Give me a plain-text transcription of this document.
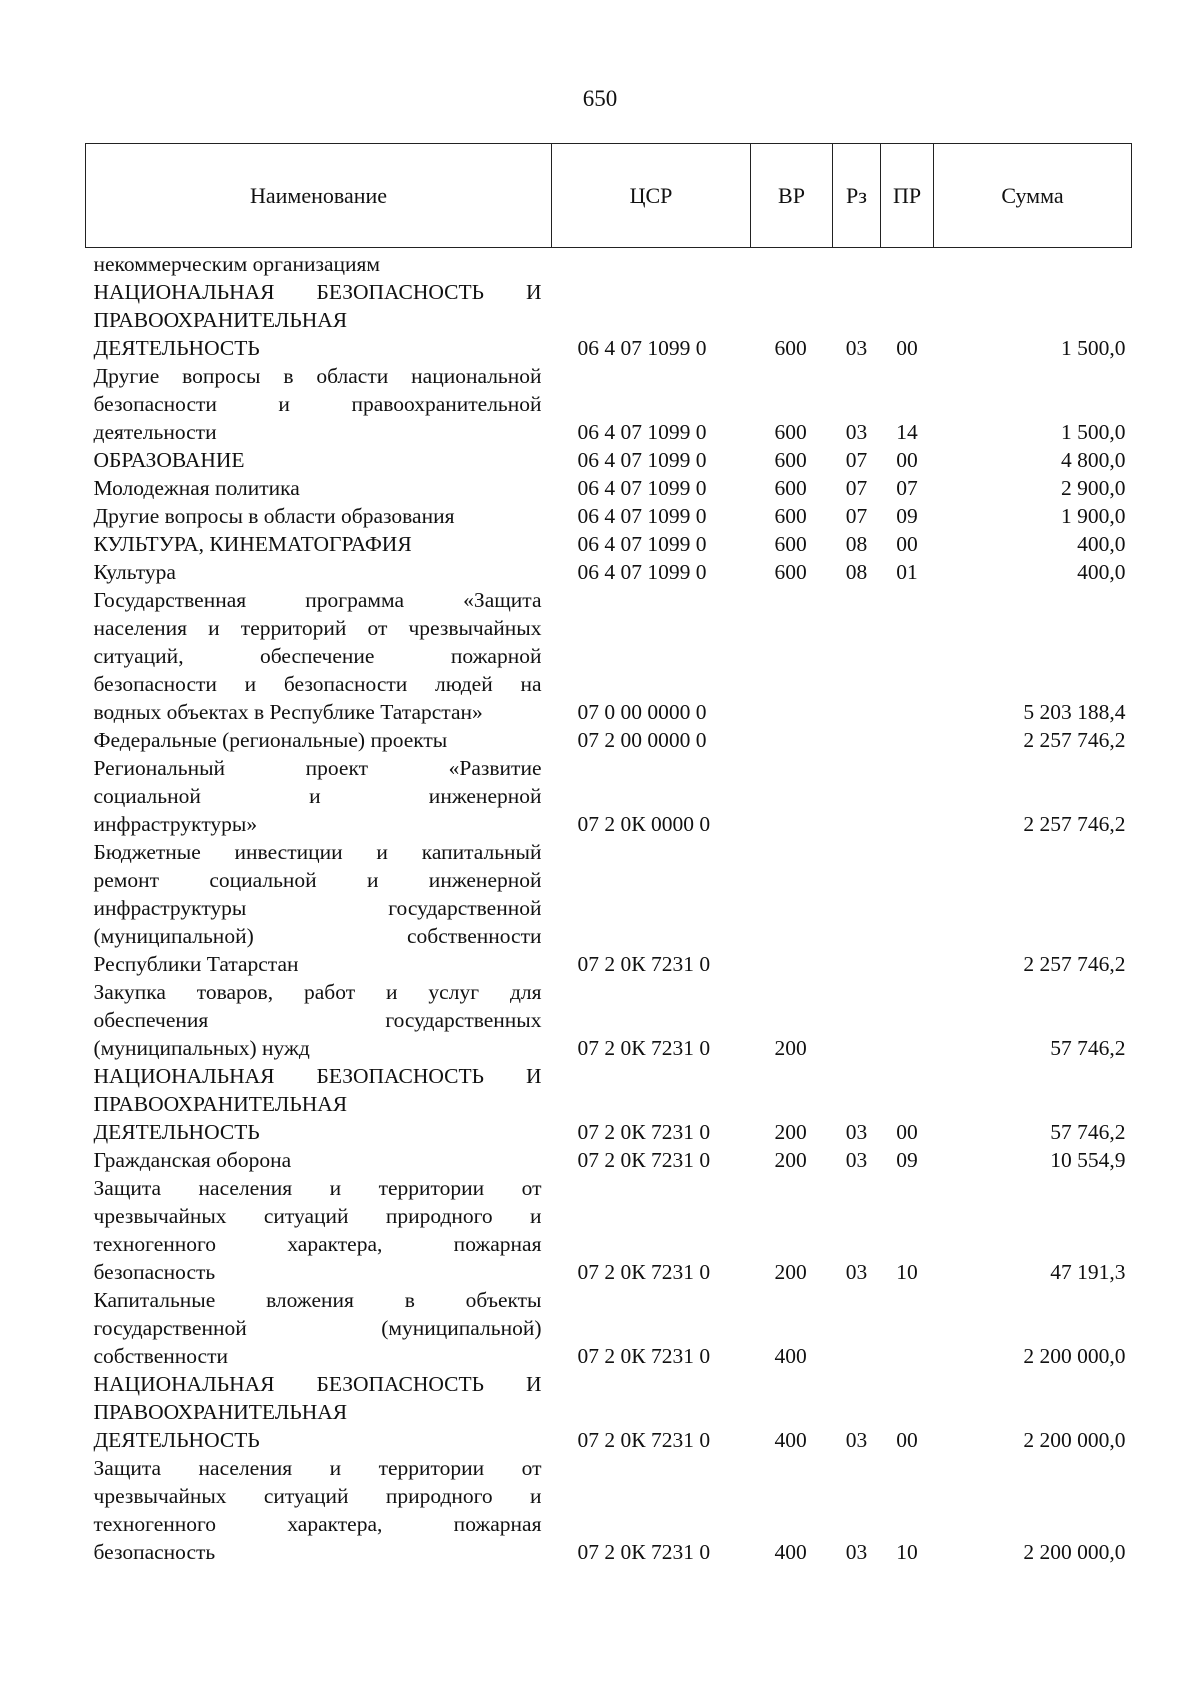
650
Наименование	ЦСР	ВР	Рз	ПР	Сумма

некоммерческим организациям					

НАЦИОНАЛЬНАЯ БЕЗОПАСНОСТЬ И
ПРАВООХРАНИТЕЛЬНАЯ
ДЕЯТЕЛЬНОСТЬ	06 4 07 1099 0	600	03	00	1 500,0

Другие вопросы в области национальной
безопасности и правоохранительной
деятельности	06 4 07 1099 0	600	03	14	1 500,0

ОБРАЗОВАНИЕ	06 4 07 1099 0	600	07	00	4 800,0

Молодежная политика	06 4 07 1099 0	600	07	07	2 900,0

Другие вопросы в области образования	06 4 07 1099 0	600	07	09	1 900,0

КУЛЬТУРА, КИНЕМАТОГРАФИЯ	06 4 07 1099 0	600	08	00	400,0

Культура	06 4 07 1099 0	600	08	01	400,0

Государственная программа «Защита
населения и территорий от чрезвычайных
ситуаций, обеспечение пожарной
безопасности и безопасности людей на
водных объектах в Республике Татарстан»	07 0 00 0000 0				5 203 188,4

Федеральные (региональные) проекты	07 2 00 0000 0				2 257 746,2

Региональный проект «Развитие
социальной и инженерной
инфраструктуры»	07 2 0К 0000 0				2 257 746,2

Бюджетные инвестиции и капитальный
ремонт социальной и инженерной
инфраструктуры государственной
(муниципальной) собственности
Республики Татарстан	07 2 0К 7231 0				2 257 746,2

Закупка товаров, работ и услуг для
обеспечения государственных
(муниципальных) нужд	07 2 0К 7231 0	200			57 746,2

НАЦИОНАЛЬНАЯ БЕЗОПАСНОСТЬ И
ПРАВООХРАНИТЕЛЬНАЯ
ДЕЯТЕЛЬНОСТЬ	07 2 0К 7231 0	200	03	00	57 746,2

Гражданская оборона	07 2 0К 7231 0	200	03	09	10 554,9

Защита населения и территории от
чрезвычайных ситуаций природного и
техногенного характера, пожарная
безопасность	07 2 0К 7231 0	200	03	10	47 191,3

Капитальные вложения в объекты
государственной (муниципальной)
собственности	07 2 0К 7231 0	400			2 200 000,0

НАЦИОНАЛЬНАЯ БЕЗОПАСНОСТЬ И
ПРАВООХРАНИТЕЛЬНАЯ
ДЕЯТЕЛЬНОСТЬ	07 2 0К 7231 0	400	03	00	2 200 000,0

Защита населения и территории от
чрезвычайных ситуаций природного и
техногенного характера, пожарная
безопасность	07 2 0К 7231 0	400	03	10	2 200 000,0
